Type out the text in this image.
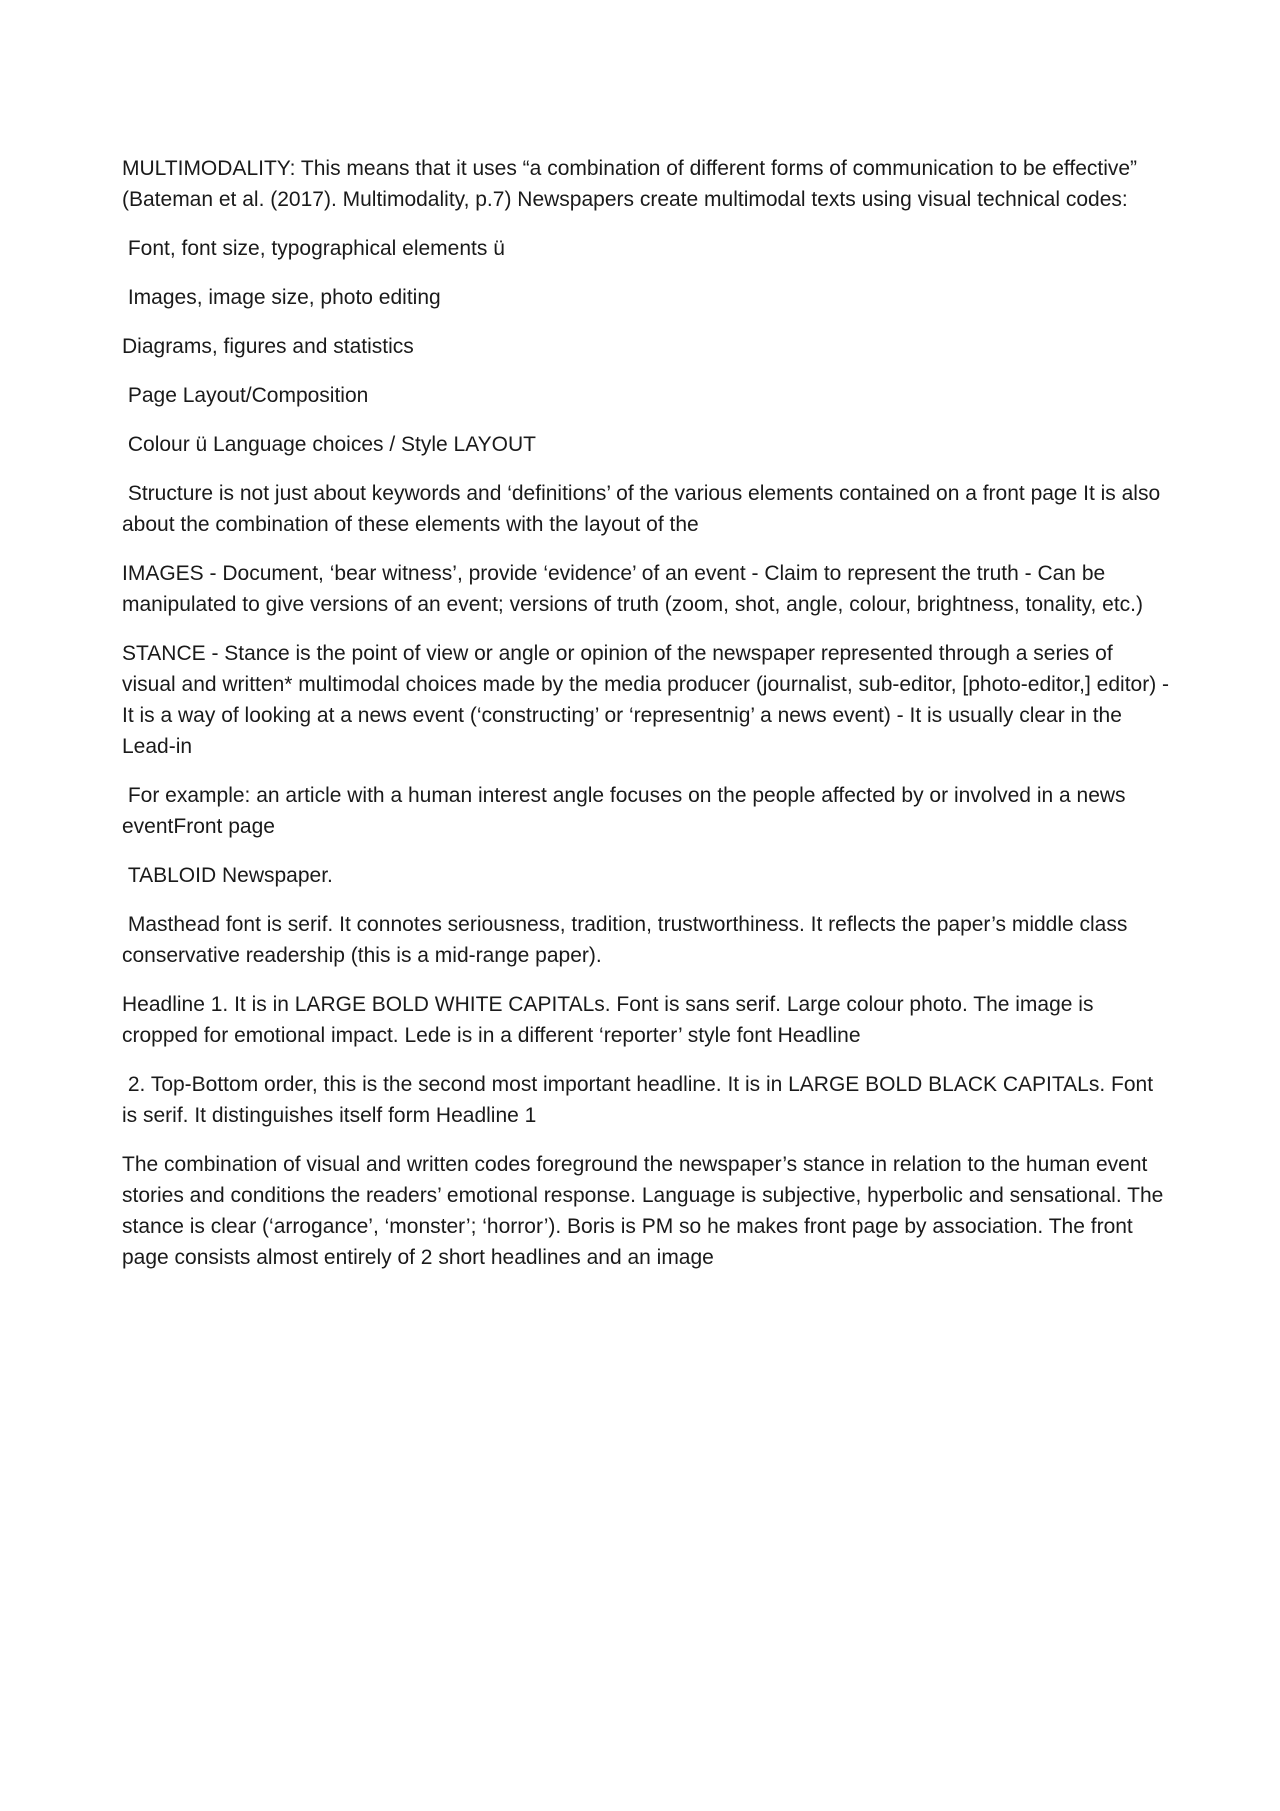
MULTIMODALITY: This means that it uses “a combination of different forms of communication to be effective” (Bateman et al. (2017). Multimodality, p.7) Newspapers create multimodal texts using visual technical codes:

Font, font size, typographical elements ü

Images, image size, photo editing

Diagrams, figures and statistics

Page Layout/Composition

Colour ü Language choices / Style LAYOUT

Structure is not just about keywords and ‘definitions’ of the various elements contained on a front page It is also about the combination of these elements with the layout of the

IMAGES - Document, ‘bear witness’, provide ‘evidence’ of an event - Claim to represent the truth - Can be manipulated to give versions of an event; versions of truth (zoom, shot, angle, colour, brightness, tonality, etc.)

STANCE - Stance is the point of view or angle or opinion of the newspaper represented through a series of visual and written* multimodal choices made by the media producer (journalist, sub-editor, [photo-editor,] editor) - It is a way of looking at a news event (‘constructing’ or ‘representnig’ a news event) - It is usually clear in the Lead-in

For example: an article with a human interest angle focuses on the people affected by or involved in a news eventFront page

TABLOID Newspaper.

Masthead font is serif. It connotes seriousness, tradition, trustworthiness. It reflects the paper’s middle class conservative readership (this is a mid-range paper).

Headline 1. It is in LARGE BOLD WHITE CAPITALs. Font is sans serif. Large colour photo. The image is cropped for emotional impact. Lede is in a different ‘reporter’ style font Headline

2. Top-Bottom order, this is the second most important headline. It is in LARGE BOLD BLACK CAPITALs. Font is serif. It distinguishes itself form Headline 1

The combination of visual and written codes foreground the newspaper’s stance in relation to the human event stories and conditions the readers’ emotional response. Language is subjective, hyperbolic and sensational. The stance is clear (‘arrogance’, ‘monster’; ‘horror’). Boris is PM so he makes front page by association. The front page consists almost entirely of 2 short headlines and an image
